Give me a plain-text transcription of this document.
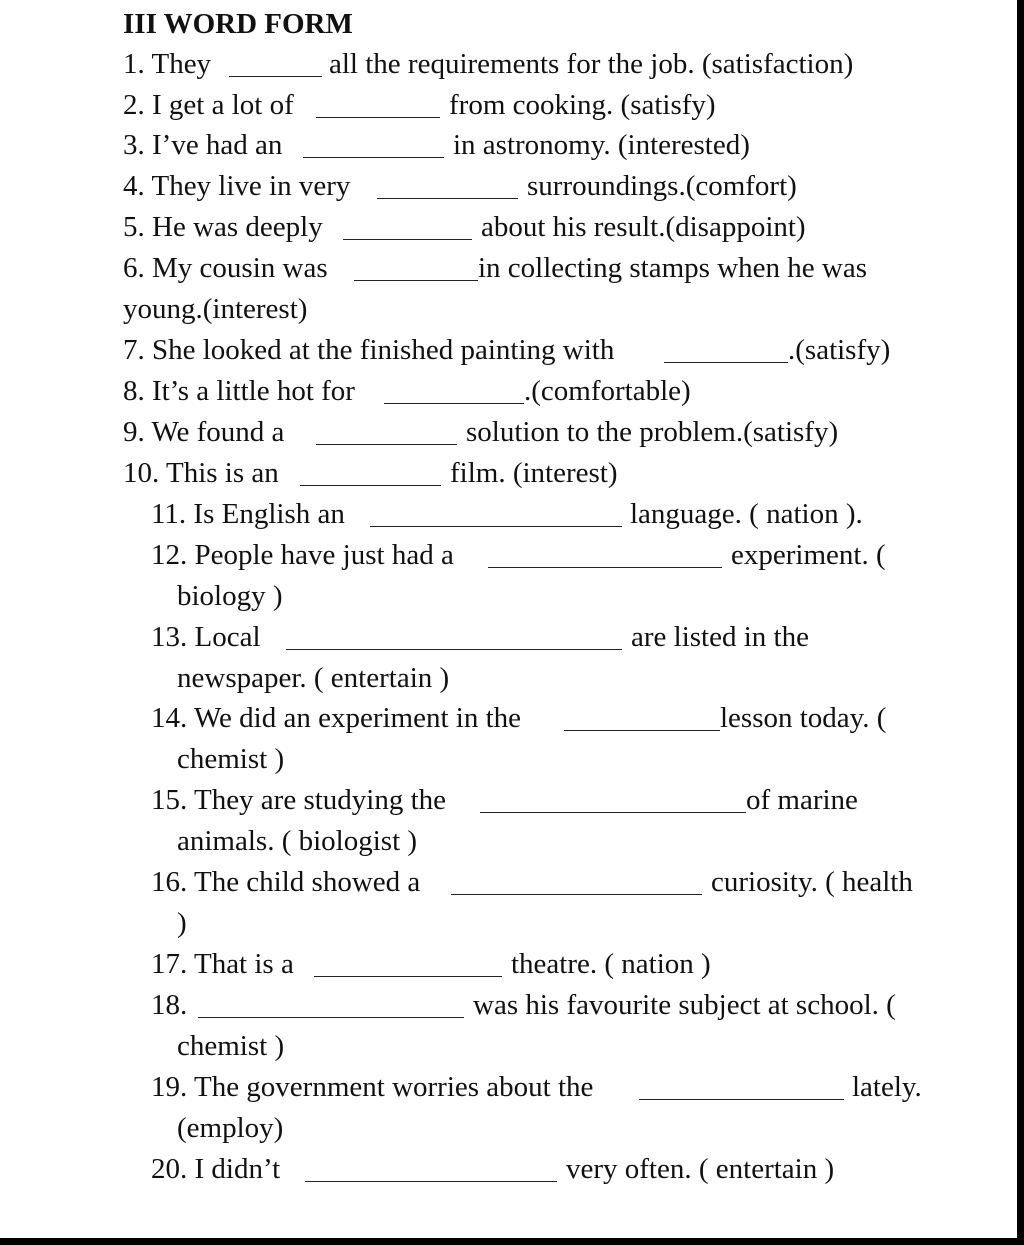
III WORD FORM
1. They	all the requirements for the job. (satisfaction)
2. I get a lot of	from cooking. (satisfy)
3. I’ve had an	in astronomy. (interested)
4. They live in very	surroundings.(comfort)
5. He was deeply	about his result.(disappoint)
6. My cousin was	in collecting stamps when he was
young.(interest)
7. She looked at the finished painting with	.(satisfy)
8. It’s a little hot for	.(comfortable)
9. We found a	solution to the problem.(satisfy)
10. This is an	film. (interest)
11. Is English an	language. ( nation ).
12. People have just had a	experiment. (
biology )
13. Local	are listed in the
newspaper. ( entertain )
14. We did an experiment in the	lesson today. (
chemist )
15. They are studying the	of marine
animals. ( biologist )
16. The child showed a	curiosity. ( health
)
17. That is a	theatre. ( nation )
18.	was his favourite subject at school. (
chemist )
19. The government worries about the	lately.
(employ)
20. I didn’t	very often. ( entertain )
